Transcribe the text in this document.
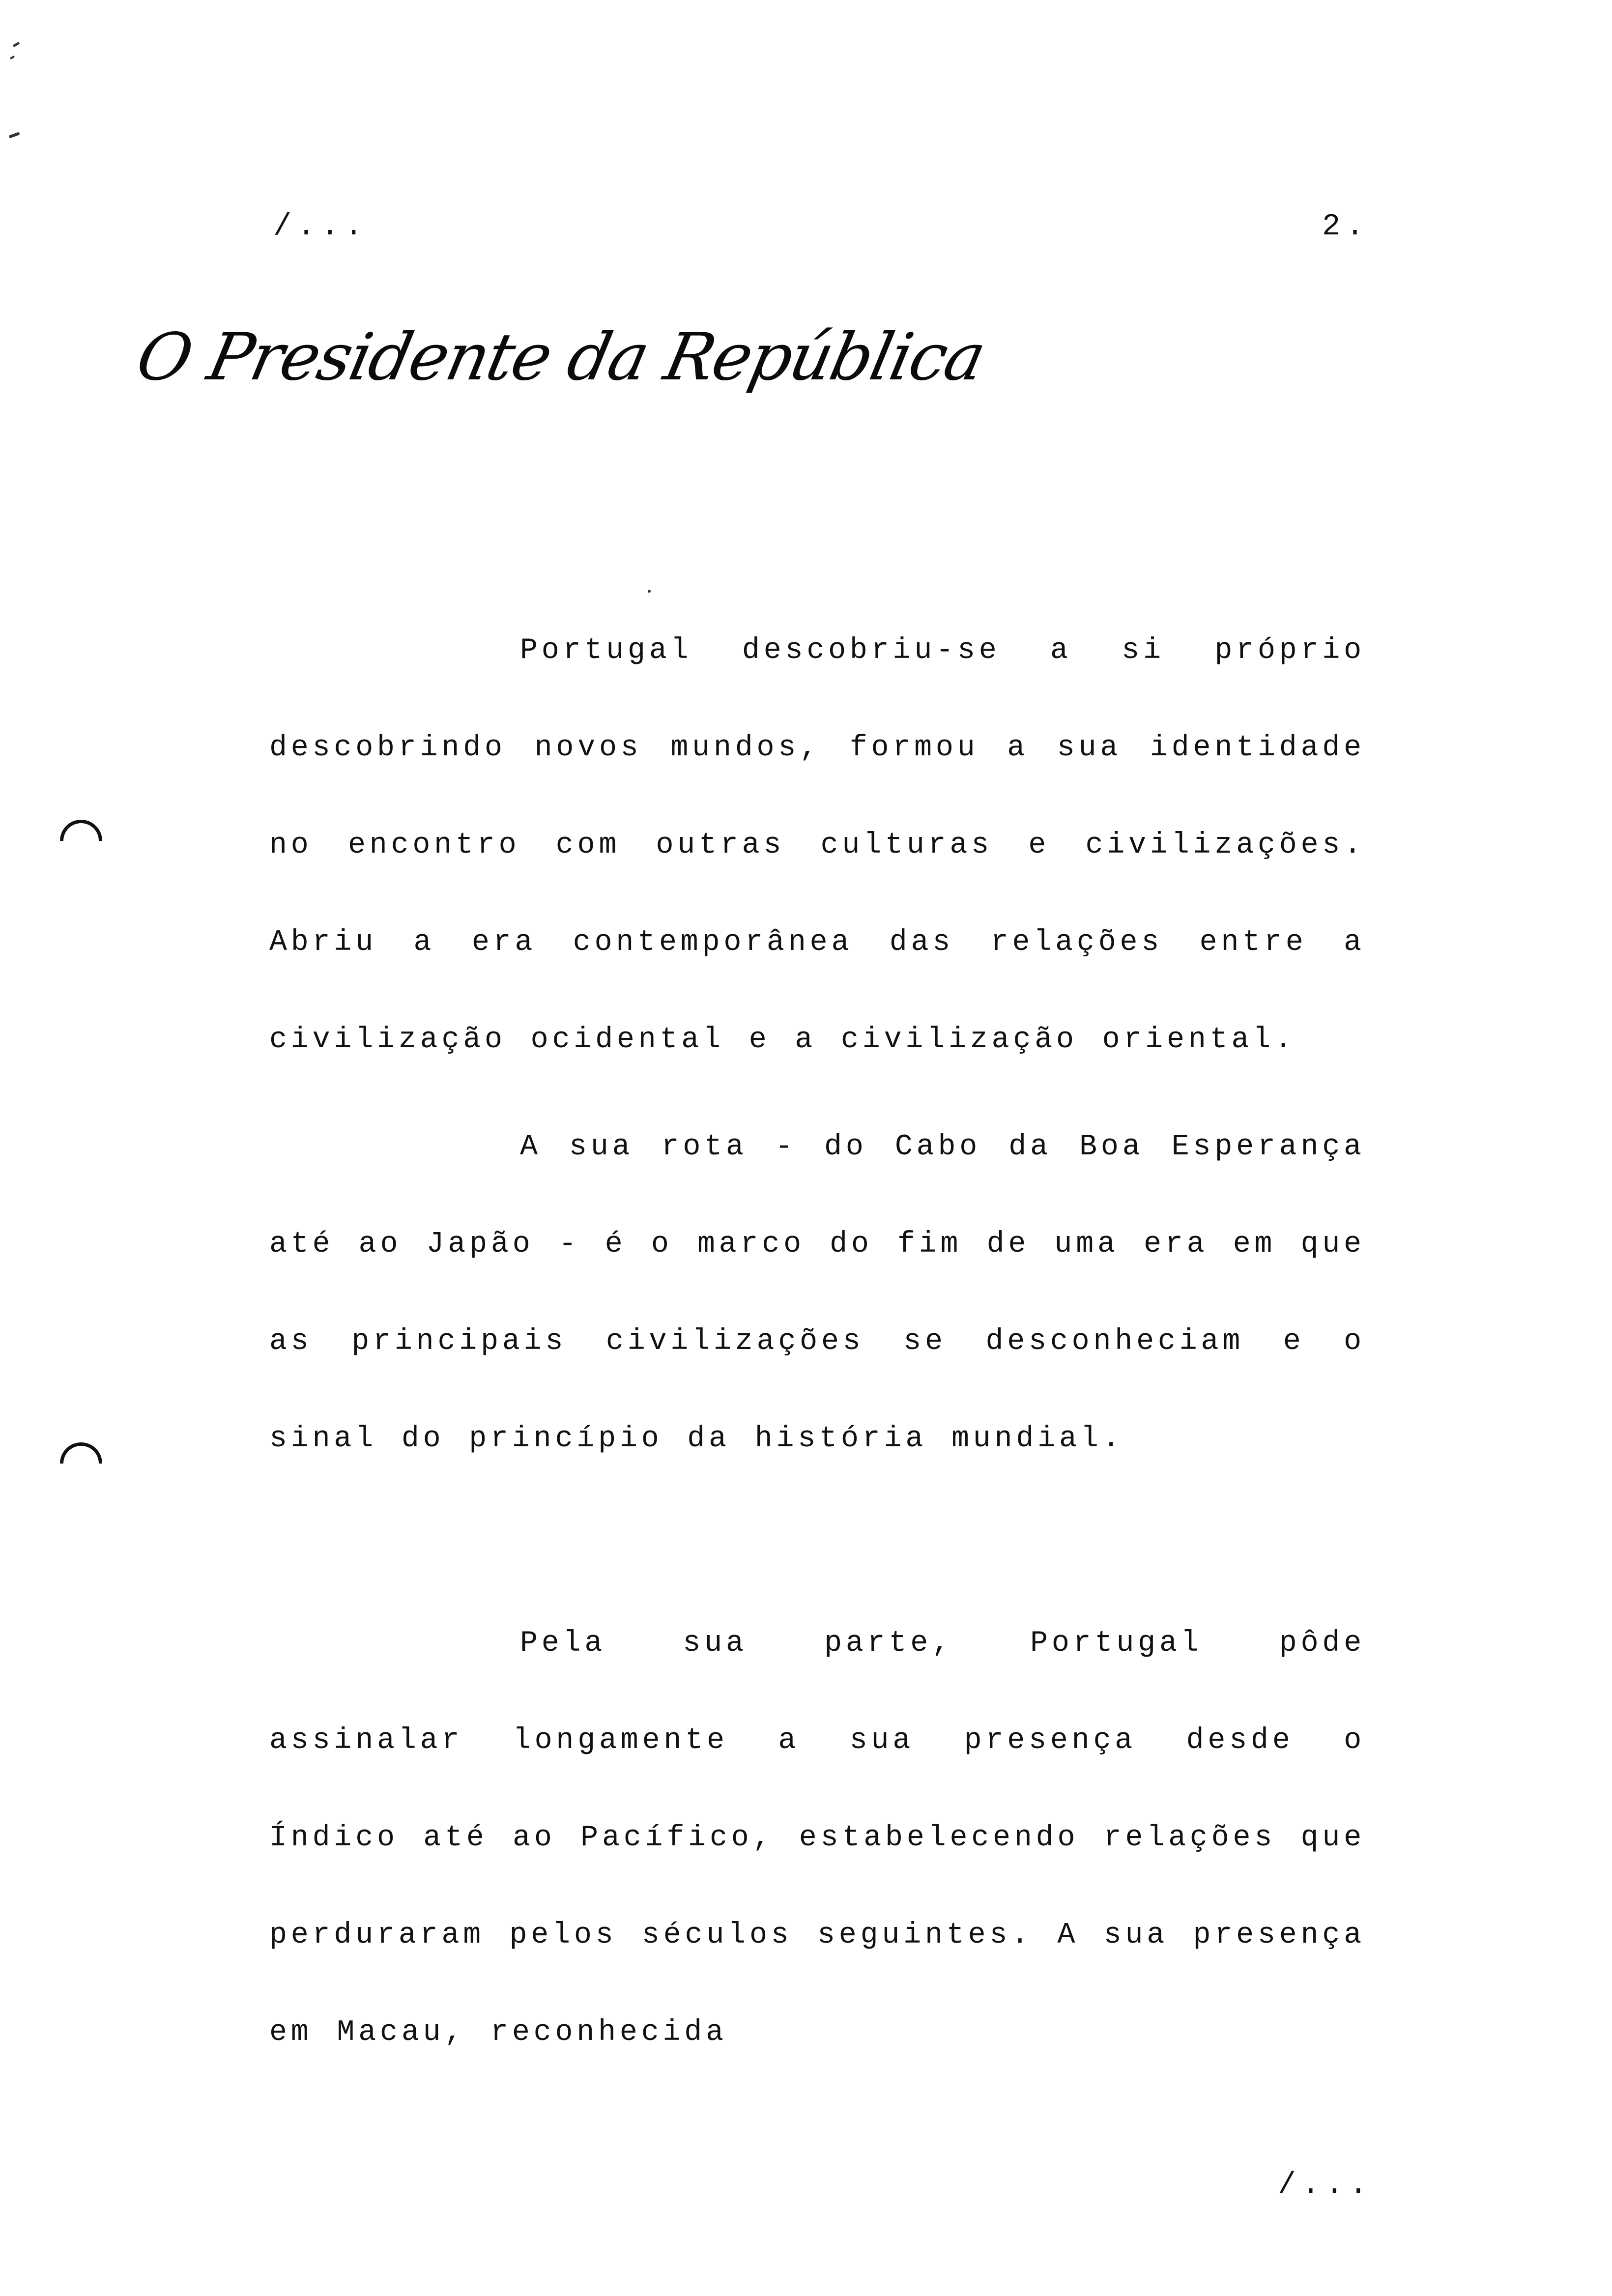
/...	2.
O Presidente da República

Portugal descobriu-se a si próprio descobrindo novos mundos, formou a sua identidade no encontro com outras culturas e civilizações. Abriu a era contemporânea das relações entre a civilização ocidental e a civilização oriental.

A sua rota - do Cabo da Boa Esperança até ao Japão - é o marco do fim de uma era em que as principais civilizações se desconheciam e o sinal do princípio da história mundial.

Pela sua parte, Portugal pôde assinalar longamente a sua presença desde o Índico até ao Pacífico, estabelecendo relações que perduraram pelos séculos seguintes. A sua presença em Macau, reconhecida

/...
